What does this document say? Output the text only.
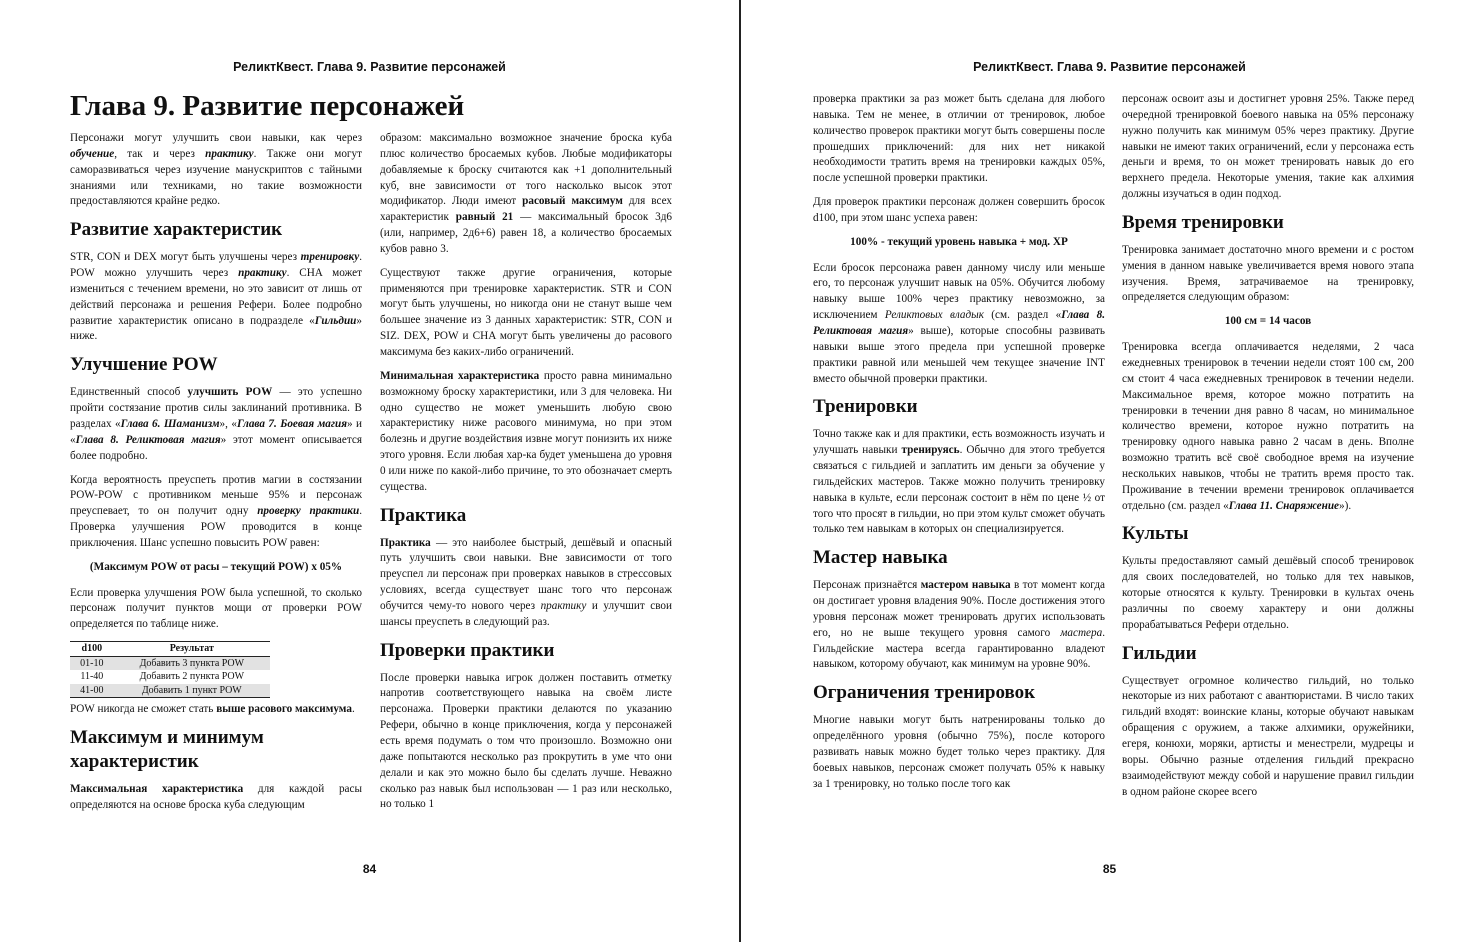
РеликтКвест. Глава 9. Развитие персонажей
Глава 9. Развитие персонажей

Персонажи могут улучшить свои навыки, как через обучение, так и через практику. Также они могут саморазвиваться через изучение манускриптов с тайными знаниями или техниками, но такие возможности предоставляются крайне редко.

Развитие характеристик

STR, CON и DEX могут быть улучшены через тренировку. POW можно улучшить через практику. CHA может измениться с течением времени, но это зависит от лишь от действий персонажа и решения Рефери. Более подробно развитие характеристик описано в подразделе «Гильдии» ниже.

Улучшение POW

Единственный способ улучшить POW — это успешно пройти состязание против силы заклинаний противника. В разделах «Глава 6. Шаманизм», «Глава 7. Боевая магия» и «Глава 8. Реликтовая магия» этот момент описывается более подробно.

Когда вероятность преуспеть против магии в состязании POW-POW с противником меньше 95% и персонаж преуспевает, то он получит одну проверку практики. Проверка улучшения POW проводится в конце приключения. Шанс успешно повысить POW равен:

(Максимум POW от расы – текущий POW) x 05%

Если проверка улучшения POW была успешной, то сколько персонаж получит пунктов мощи от проверки POW определяется по таблице ниже.

d100	Результат
01-10	Добавить 3 пункта POW
11-40	Добавить 2 пункта POW
41-00	Добавить 1 пункт POW

POW никогда не сможет стать выше расового максимума.

Максимум и минимум характеристик

Максимальная характеристика для каждой расы определяются на основе броска куба следующим

образом: максимально возможное значение броска куба плюс количество бросаемых кубов. Любые модификаторы добавляемые к броску считаются как +1 дополнительный куб, вне зависимости от того насколько высок этот модификатор. Люди имеют расовый максимум для всех характеристик равный 21 — максимальный бросок 3д6 (или, например, 2д6+6) равен 18, а количество бросаемых кубов равно 3.

Существуют также другие ограничения, которые применяются при тренировке характеристик. STR и CON могут быть улучшены, но никогда они не станут выше чем большее значение из 3 данных характеристик: STR, CON и SIZ. DEX, POW и CHA могут быть увеличены до расового максимума без каких-либо ограничений.

Минимальная характеристика просто равна минимально возможному броску характеристики, или 3 для человека. Ни одно существо не может уменьшить любую свою характеристику ниже расового минимума, но при этом болезнь и другие воздействия извне могут понизить их ниже этого уровня. Если любая хар-ка будет уменьшена до уровня 0 или ниже по какой-либо причине, то это обозначает смерть существа.

Практика

Практика — это наиболее быстрый, дешёвый и опасный путь улучшить свои навыки. Вне зависимости от того преуспел ли персонаж при проверках навыков в стрессовых условиях, всегда существует шанс того что персонаж обучится чему-то нового через практику и улучшит свои шансы преуспеть в следующий раз.

Проверки практики

После проверки навыка игрок должен поставить отметку напротив соответствующего навыка на своём листе персонажа. Проверки практики делаются по указанию Рефери, обычно в конце приключения, когда у персонажей есть время подумать о том что произошло. Возможно они даже попытаются несколько раз прокрутить в уме что они делали и как это можно было бы сделать лучше. Неважно сколько раз навык был использован — 1 раз или несколько, но только 1

84
РеликтКвест. Глава 9. Развитие персонажей

проверка практики за раз может быть сделана для любого навыка. Тем не менее, в отличии от тренировок, любое количество проверок практики могут быть совершены после прошедших приключений: для них нет никакой необходимости тратить время на тренировки каждых 05%, после успешной проверки практики.

Для проверок практики персонаж должен совершить бросок d100, при этом шанс успеха равен:

100% - текущий уровень навыка + мод. XP

Если бросок персонажа равен данному числу или меньше его, то персонаж улучшит навык на 05%. Обучится любому навыку выше 100% через практику невозможно, за исключением Реликтовых владык (см. раздел «Глава 8. Реликтовая магия» выше), которые способны развивать навыки выше этого предела при успешной проверке практики равной или меньшей чем текущее значение INT вместо обычной проверки практики.

Тренировки

Точно также как и для практики, есть возможность изучать и улучшать навыки тренируясь. Обычно для этого требуется связаться с гильдией и заплатить им деньги за обучение у гильдейских мастеров. Также можно получить тренировку навыка в культе, если персонаж состоит в нём по цене ½ от того что просят в гильдии, но при этом культ сможет обучать только тем навыкам в которых он специализируется.

Мастер навыка

Персонаж признаётся мастером навыка в тот момент когда он достигает уровня владения 90%. После достижения этого уровня персонаж может тренировать других использовать его, но не выше текущего уровня самого мастера. Гильдейские мастера всегда гарантированно владеют навыком, которому обучают, как минимум на уровне 90%.

Ограничения тренировок

Многие навыки могут быть натренированы только до определённого уровня (обычно 75%), после которого развивать навык можно будет только через практику. Для боевых навыков, персонаж сможет получать 05% к навыку за 1 тренировку, но только после того как

персонаж освоит азы и достигнет уровня 25%. Также перед очередной тренировкой боевого навыка на 05% персонажу нужно получить как минимум 05% через практику. Другие навыки не имеют таких ограничений, если у персонажа есть деньги и время, то он может тренировать навык до его верхнего предела. Некоторые умения, такие как алхимия должны изучаться в один подход.

Время тренировки

Тренировка занимает достаточно много времени и с ростом умения в данном навыке увеличивается время нового этапа изучения. Время, затрачиваемое на тренировку, определяется следующим образом:

100 см = 14 часов

Тренировка всегда оплачивается неделями, 2 часа ежедневных тренировок в течении недели стоят 100 см, 200 см стоит 4 часа ежедневных тренировок в течении недели. Максимальное время, которое можно потратить на тренировки в течении дня равно 8 часам, но минимальное количество времени, которое нужно потратить на тренировку одного навыка равно 2 часам в день. Вполне возможно тратить всё своё свободное время на изучение нескольких навыков, чтобы не тратить время просто так. Проживание в течении времени тренировок оплачивается отдельно (см. раздел «Глава 11. Снаряжение»).

Культы

Культы предоставляют самый дешёвый способ тренировок для своих последователей, но только для тех навыков, которые относятся к культу. Тренировки в культах очень различны по своему характеру и они должны прорабатываться Рефери отдельно.

Гильдии

Существует огромное количество гильдий, но только некоторые из них работают с авантюристами. В число таких гильдий входят: воинские кланы, которые обучают навыкам обращения с оружием, а также алхимики, оружейники, егеря, конюхи, моряки, артисты и менестрели, мудрецы и воры. Обычно разные отделения гильдий прекрасно взаимодействуют между собой и нарушение правил гильдии в одном районе скорее всего

85
